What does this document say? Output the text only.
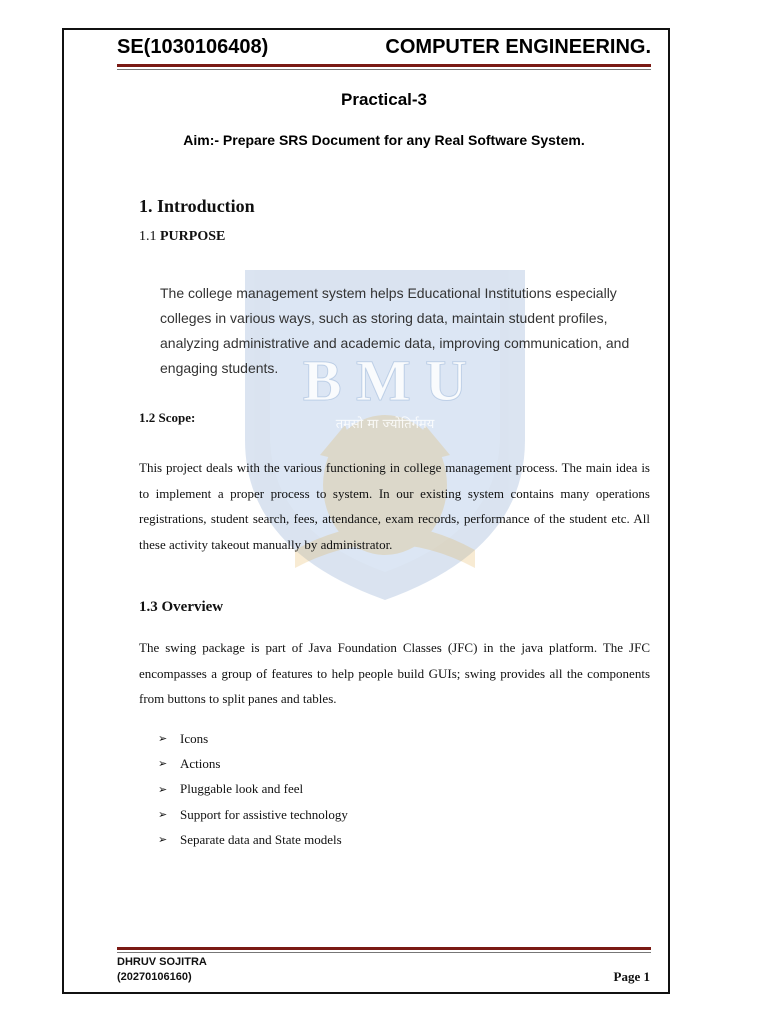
B M U
तमसो मा ज्योतिर्गमय
SE(1030106408)	COMPUTER ENGINEERING.
Practical-3
Aim:- Prepare SRS Document for any Real Software System.
1. Introduction
1.1 PURPOSE
The college management system helps Educational Institutions especially colleges in various ways, such as storing data, maintain student profiles, analyzing administrative and academic data, improving communication, and engaging students.
1.2 Scope:
This project deals with the various functioning in college management process. The main idea is to implement a proper process to system. In our existing system contains many operations registrations, student search, fees, attendance, exam records, performance of the student etc. All these activity takeout manually by administrator.
1.3 Overview
The swing package is part of Java Foundation Classes (JFC) in the java platform. The JFC encompasses a group of features to help people build GUIs; swing provides all the components from buttons to split panes and tables.
➢ Icons
➢ Actions
➢ Pluggable look and feel
➢ Support for assistive technology
➢ Separate data and State models
DHRUV SOJITRA
(20270106160)	Page 1
